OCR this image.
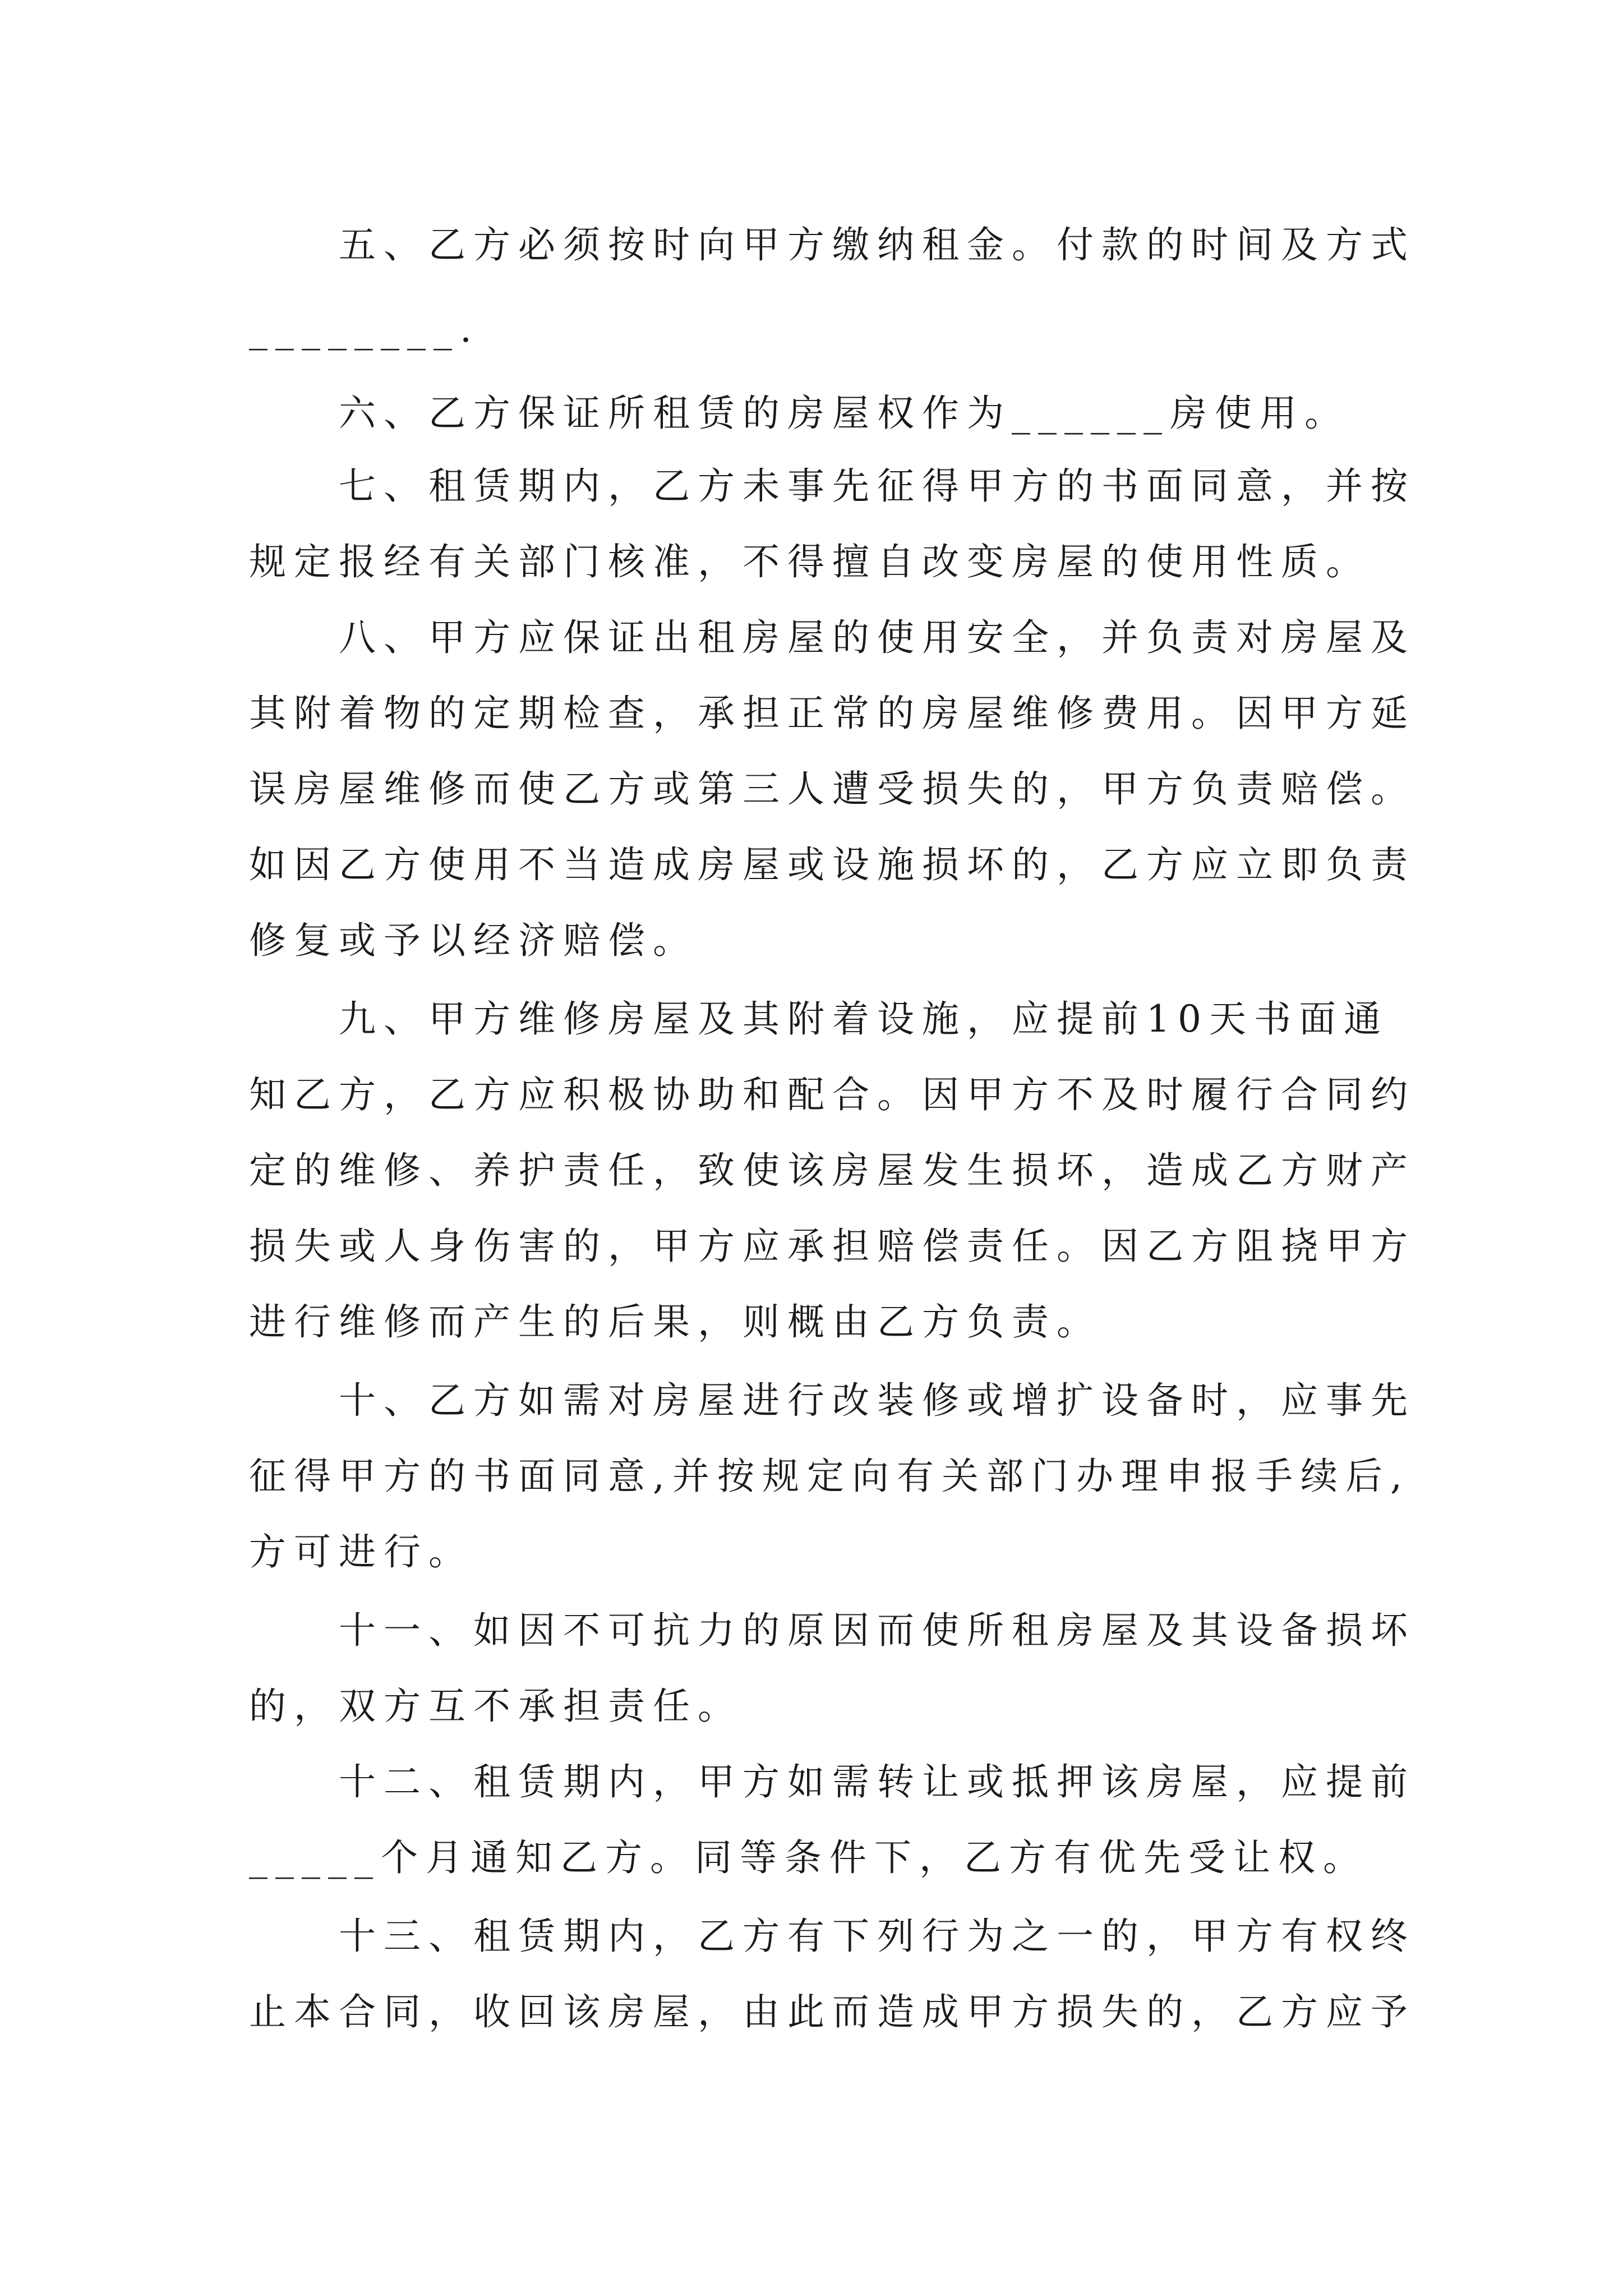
五、乙方必须按时向甲方缴纳租金。付款的时间及方式

________.

六、乙方保证所租赁的房屋权作为______房使用。

七、租赁期内，乙方未事先征得甲方的书面同意，并按

规定报经有关部门核准，不得擅自改变房屋的使用性质。

八、甲方应保证出租房屋的使用安全，并负责对房屋及

其附着物的定期检查，承担正常的房屋维修费用。因甲方延

误房屋维修而使乙方或第三人遭受损失的，甲方负责赔偿。

如因乙方使用不当造成房屋或设施损坏的，乙方应立即负责

修复或予以经济赔偿。

九、甲方维修房屋及其附着设施，应提前10天书面通

知乙方，乙方应积极协助和配合。因甲方不及时履行合同约

定的维修、养护责任，致使该房屋发生损坏，造成乙方财产

损失或人身伤害的，甲方应承担赔偿责任。因乙方阻挠甲方

进行维修而产生的后果，则概由乙方负责。

十、乙方如需对房屋进行改装修或增扩设备时，应事先

征得甲方的书面同意,并按规定向有关部门办理申报手续后,

方可进行。

十一、如因不可抗力的原因而使所租房屋及其设备损坏

的，双方互不承担责任。

十二、租赁期内，甲方如需转让或抵押该房屋，应提前

_____个月通知乙方。同等条件下，乙方有优先受让权。

十三、租赁期内，乙方有下列行为之一的，甲方有权终

止本合同，收回该房屋，由此而造成甲方损失的，乙方应予
